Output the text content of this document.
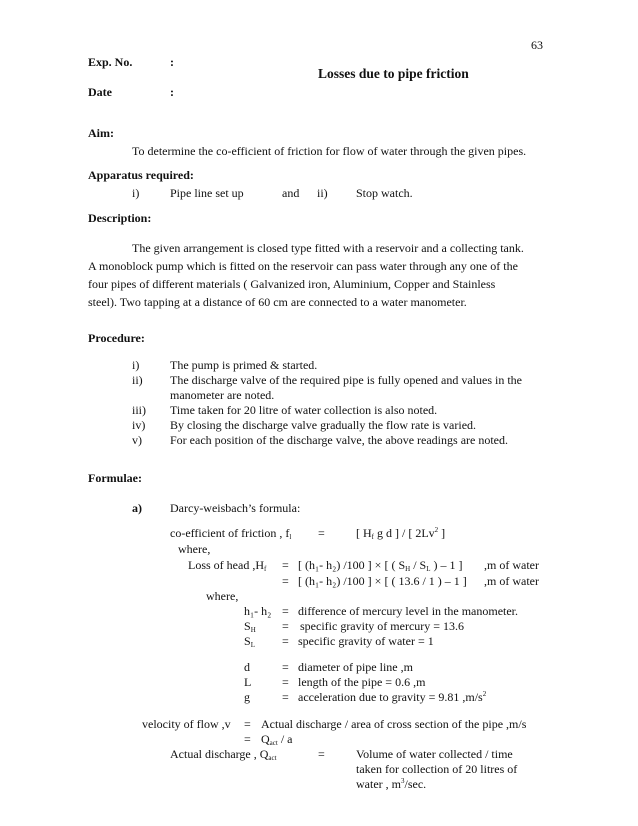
63
Exp. No.	:
Losses due to pipe friction
Date	:
Aim:
To determine the co-efficient of friction for flow of water through the given pipes.
Apparatus required:
i)	Pipe line set up	and ii) Stop watch.
Description:
The given arrangement is closed type fitted with a reservoir and a collecting tank.
A monoblock pump which is fitted on the reservoir can pass water through any one of the
four pipes of different materials ( Galvanized iron, Aluminium, Copper and Stainless
steel). Two tapping at a distance of 60 cm are connected to a water manometer.
Procedure:
i)	The pump is primed & started.
ii) The discharge valve of the required pipe is fully opened and values in the
manometer are noted.
iii) Time taken for 20 litre of water collection is also noted.
iv) By closing the discharge valve gradually the flow rate is varied.
v) For each position of the discharge valve, the above readings are noted.
Formulae:
a) Darcy-weisbach’s formula:
co-efficient of friction , $f_l$ =	[ $H_f$ g d ] / [ 2Lv$^2$ ]
where,
Loss of head $,H_f$ = [ (h₁- h₂) /100 ] × [ ( $S_H / S_L$ ) – 1 ] ,m of water
= [ (h₁- h₂) /100 ] × [ ( 13.6 / 1 ) – 1 ] ,m of water
where,
h₁- h₂ = difference of mercury level in the manometer.
$S_H$ = specific gravity of mercury = 13.6
$S_L$ = specific gravity of water = 1
d	= diameter of pipe line ,m
L	= length of the pipe = 0.6 ,m
g	= acceleration due to gravity = 9.81 $,m/s^2$
velocity of flow ,v = Actual discharge / area of cross section of the pipe ,m/s
= $Q_{act}$ / a
Actual discharge , $Q_{act}$	=	Volume of water collected / time
taken for collection of 20 litres of
water , $m^3/\sec$.
